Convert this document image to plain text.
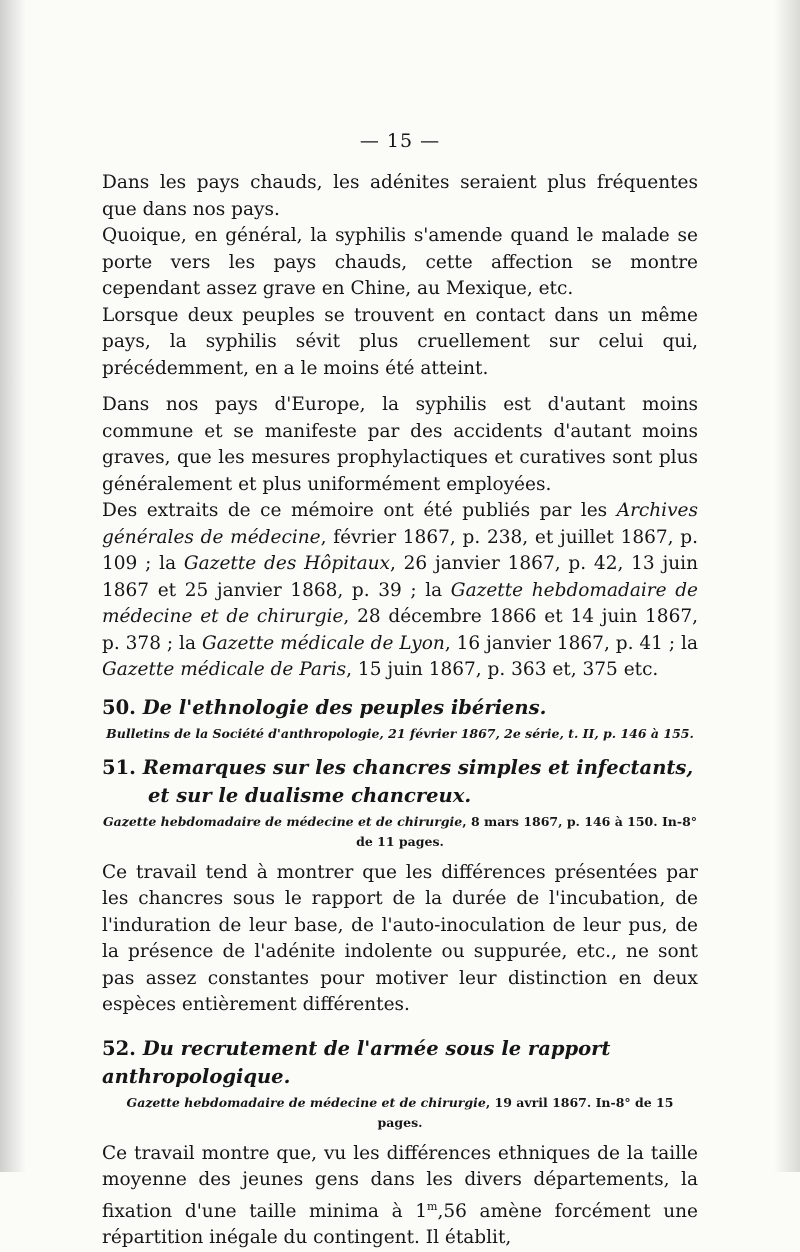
— 15 —

Dans les pays chauds, les adénites seraient plus fréquentes que dans nos pays.

Quoique, en général, la syphilis s'amende quand le malade se porte vers les pays chauds, cette affection se montre cependant assez grave en Chine, au Mexique, etc.

Lorsque deux peuples se trouvent en contact dans un même pays, la syphilis sévit plus cruellement sur celui qui, précédemment, en a le moins été atteint.

Dans nos pays d'Europe, la syphilis est d'autant moins commune et se manifeste par des accidents d'autant moins graves, que les mesures prophylactiques et curatives sont plus généralement et plus uniformément employées.

Des extraits de ce mémoire ont été publiés par les Archives générales de médecine, février 1867, p. 238, et juillet 1867, p. 109 ; la Gazette des Hôpitaux, 26 janvier 1867, p. 42, 13 juin 1867 et 25 janvier 1868, p. 39 ; la Gazette hebdomadaire de médecine et de chirurgie, 28 décembre 1866 et 14 juin 1867, p. 378 ; la Gazette médicale de Lyon, 16 janvier 1867, p. 41 ; la Gazette médicale de Paris, 15 juin 1867, p. 363 et, 375 etc.

50. De l'ethnologie des peuples ibériens.
Bulletins de la Société d'anthropologie, 21 février 1867, 2e série, t. II, p. 146 à 155.
51. Remarques sur les chancres simples et infectants, et sur le dualisme chancreux.
Gazette hebdomadaire de médecine et de chirurgie, 8 mars 1867, p. 146 à 150. In-8° de 11 pages.

Ce travail tend à montrer que les différences présentées par les chancres sous le rapport de la durée de l'incubation, de l'induration de leur base, de l'auto-inoculation de leur pus, de la présence de l'adénite indolente ou suppurée, etc., ne sont pas assez constantes pour motiver leur distinction en deux espèces entièrement différentes.

52. Du recrutement de l'armée sous le rapport anthropologique.
Gazette hebdomadaire de médecine et de chirurgie, 19 avril 1867. In-8° de 15 pages.

Ce travail montre que, vu les différences ethniques de la taille moyenne des jeunes gens dans les divers départements, la fixation d'une taille minima à 1$^m$,56 amène forcément une répartition inégale du contingent. Il établit,
